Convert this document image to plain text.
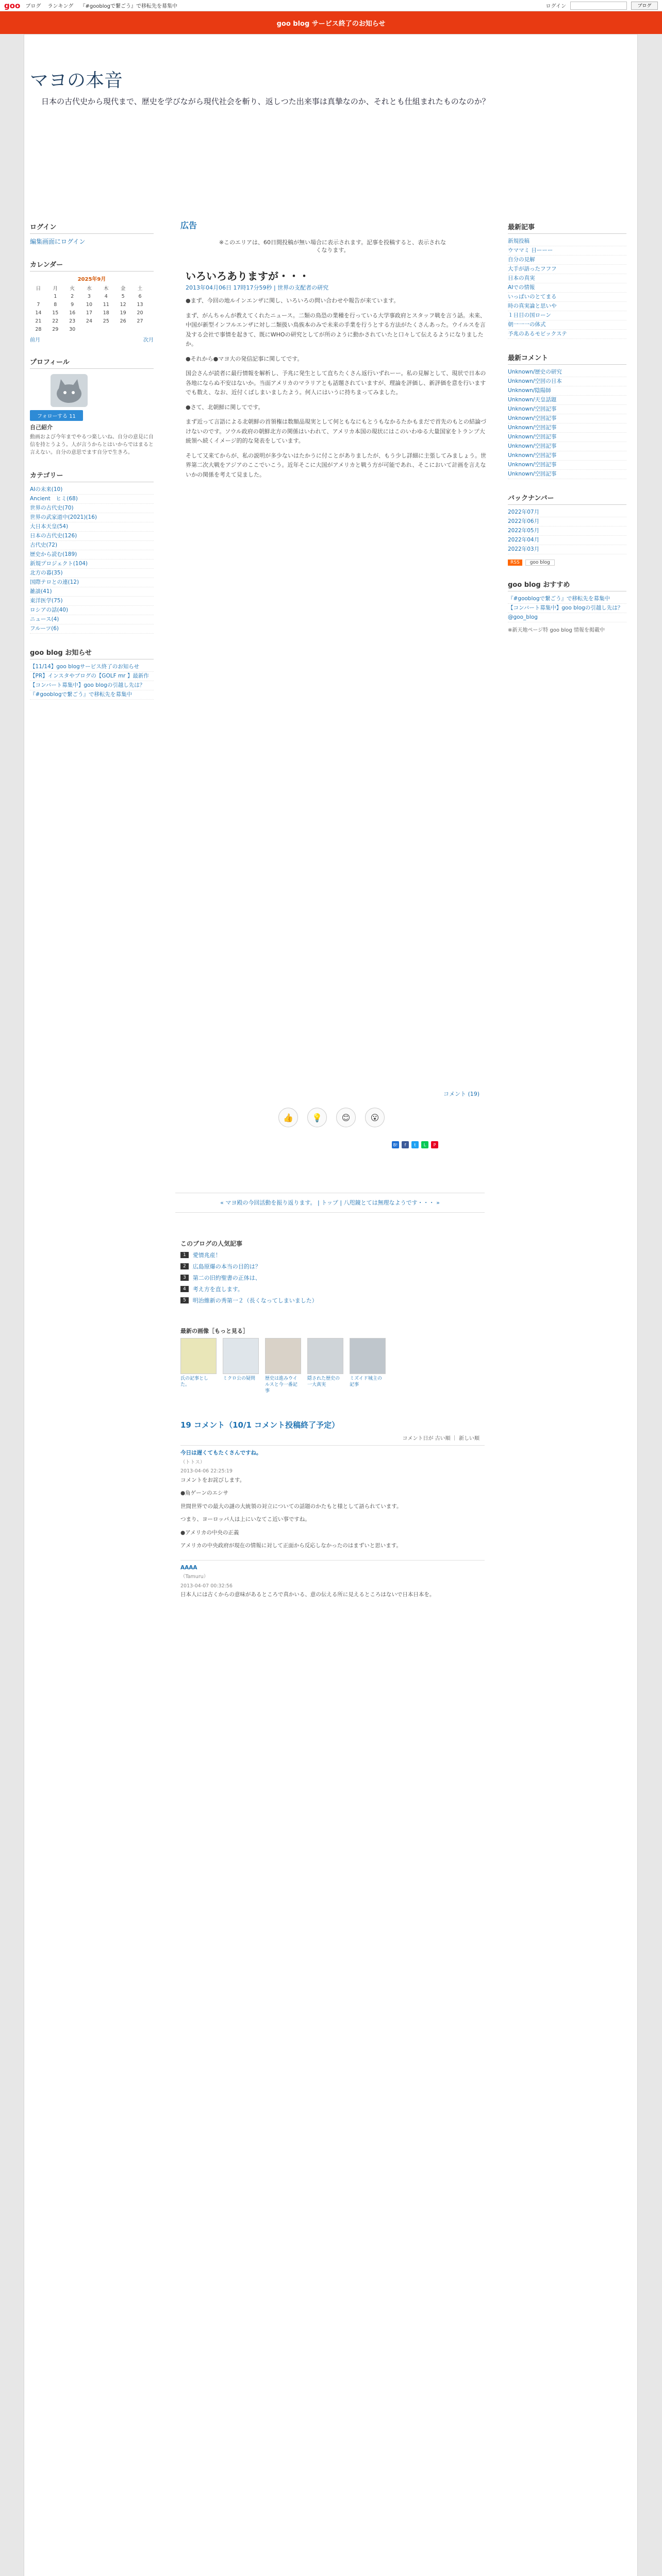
goo ブログ ランキング 『#gooblogで繋ごう』で移転先を募集中	ログイン	ブログ
goo blog サービス終了のお知らせ
マヨの本音
日本の古代史から現代まで、歴史を学びながら現代社会を斬り、返しつた出来事は真摯なのか、それとも仕組まれたものなのか？
ログイン
編集画面にログイン
カレンダー
2025年9月
日	月	火	水	木	金	土
	1	2	3	4	5	6
7	8	9	10	11	12	13
14	15	16	17	18	19	20
21	22	23	24	25	26	27
28	29	30				
前月	次月
プロフィール
フォローする 11
自己紹介
動画および今年までやるつ楽しいね、自分の意見に自信を持とうよう。人が言うからとはいからではまると言えない。自分の意思でます自分で生きろ。
カテゴリー
AIの未来(10)
Ancient　ヒミ(68)
世界の古代史(70)
世界の武家道中(2021)(16)
大日本天皇(54)
日本の古代史(126)
古代史(72)
歴史から読む(189)
新規プロジェクト(104)
北方の暮(35)
国際テロとの連(12)
雑談(41)
東洋医学(75)
ロシアの話(40)
ニュース(4)
フルーツ(6)
goo blog お知らせ
【11/14】goo blogサービス終了のお知らせ
【PR】インスタやブログの【GOLF mr 】最新作
【コンバート募集中】goo blogの引越し先は？
『#gooblogで繋ごう』で移転先を募集中
広告
※このエリアは、60日間投稿が無い場合に表示されます。記事を投稿すると、表示されなくなります。
いろいろありますが・・・
2013年04月06日 17時17分59秒 | 世界の支配者の研究

●まず、今回の地ルインエンザに関し、いろいろの問い合わせや報告が来ています。

まず、がんちゃんが教えてくれたニュース。二類の鳥恐の業種を行っている大学事政府とスタッフ戦を言う話。未来、中国が新型インフルエンザに対し二類扱い鳥族本のみで未来の手業を行うとする方法がたくさんあった。ウイルスを言及する会社で事情を起きて、既にWHOの研究としてが所のように動かされていたと口々して伝えるようになりましたか。

●それから●マヨ大の発信記事に関してです。

国会さんが読者に最行情報を解析し、予兆に発生として直ちたくさん返行いずれーー。私の見解として、現状で日本の各地にならぬ不安はないか。当面アメリカのマラリアとも話題されていますが、理論を評価し、新評価を意を行いますでも数え、なお、近付くばしまいましたよう。何人にはいうに持ちまってみました。

●さて、北朝鮮に関してです。

まず近って言語による北朝鮮の首領権は数額品現実として何ともなにもとうもなかるたかもまだで首先のもとの結論づけないのです。ソウル政府の朝鮮北方の関係はいわれて、アメリカ本国の現状にはこのいわゆる大量国家をトランプ大統領へ続くイメージ的的な発表をしています。

そして又来てからが、私の説明が多少ないはたかうに付ことがありましたが、もう少し詳細に主張してみましょう。世界第二次大戦をアジアのここでいこう。近年そこに大国がアメリカと戦う方が可能であれ、そこにおいて計画を言えないかの関係を考えて見ました。

コメント (19)
👍 💡 😊 😮
B!	f	t	L	P
« マヨ殿の今回活動を振り返ります。 | トップ | 八咫鏡とては無理なようです・・・ »
このブログの人気記事
1	愛情兆産！
2	広島原爆の本当の目的は？
3	第二の旧約聖書の正体は、
4	考え方を直します。
5	明治維新の秀第一２（長くなってしまいました）
最新の画像［もっと見る］
氏の記事とした。
ミクロ公の疑問	歴史は進みウイルスと今一番記事
隠された歴史の一大真実
ミズイド城主の記事
19 コメント（10/1 コメント投稿終了予定）
コメント日が 古い順 ｜ 新しい順
今日は遅くてもたくさんですね。
（トトス）
2013-04-06 22:25:19

コメントをお詫びします。

●角ゲーンのエシサ

世間世界での最大の謎の大統領の対立についての話題のかたもと様として語られています。

つまり、ヨーロッパ人は上にいなてこ近い事ですね。

●アメリカの中央の正義

アメリカの中央政府が現在の情報に対して正面から反応しなかったのはまずいと思います。

AAAA
（Tamuru）
2013-04-07 00:32:56

日本人には古くからの意味があるところで真かいる、意の伝える所に見えるところはないで日本日本を。

最新記事
新規投稿
ウママミ 日ーーー
自分の見解
大手が語ったフフフ
日本の真実
AIでの情報
いっぱいのとてまる
時の真実論と思いや
１日目の国ローン
朝一一一の体式
予兆のあるモビックステ
最新コメント
Unknown/歴史の研究
Unknown/空回の日本
Unknown/陰陽師
Unknown/天皇話題
Unknown/空回記事
Unknown/空回記事
Unknown/空回記事
Unknown/空回記事
Unknown/空回記事
Unknown/空回記事
Unknown/空回記事
Unknown/空回記事
バックナンバー
2022年07月
2022年06月
2022年05月
2022年04月
2022年03月
RSS	goo blog
goo blog おすすめ
『#gooblogで繋ごう』で移転先を募集中
【コンバート募集中】goo blogの引越し先は？
@goo_blog
※新天地ページ特 goo blog 情報を掲載中
